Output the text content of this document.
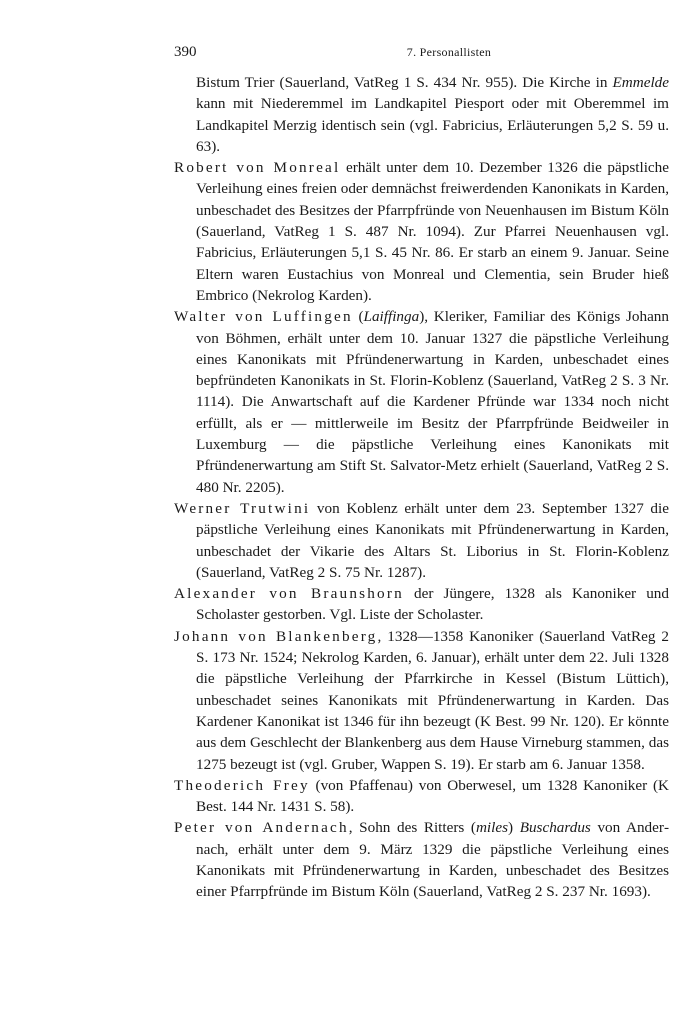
390	7. Personallisten

Bistum Trier (Sauerland, VatReg 1 S. 434 Nr. 955). Die Kirche in Emmelde kann mit Niederemmel im Landkapitel Piesport oder mit Oberemmel im Landkapitel Merzig identisch sein (vgl. Fabricius, Erläuterungen 5,2 S. 59 u. 63).

Robert von Monreal erhält unter dem 10. Dezember 1326 die päpstliche Verleihung eines freien oder demnächst freiwerdenden Kanonikats in Karden, unbeschadet des Besitzes der Pfarrpfründe von Neuenhausen im Bistum Köln (Sauerland, VatReg 1 S. 487 Nr. 1094). Zur Pfarrei Neuenhausen vgl. Fabricius, Erläuterungen 5,1 S. 45 Nr. 86. Er starb an einem 9. Januar. Seine Eltern waren Eustachius von Monreal und Clementia, sein Bruder hieß Embrico (Nekrolog Karden).

Walter von Luffingen (Laiffinga), Kleriker, Familiar des Königs Johann von Böhmen, erhält unter dem 10. Januar 1327 die päpstliche Verleihung eines Kanonikats mit Pfründenerwartung in Karden, unbeschadet eines bepfründeten Kanonikats in St. Florin-Koblenz (Sauerland, VatReg 2 S. 3 Nr. 1114). Die Anwartschaft auf die Kardener Pfründe war 1334 noch nicht erfüllt, als er — mittlerweile im Besitz der Pfarrpfründe Beidweiler in Luxemburg — die päpstliche Verleihung eines Kanonikats mit Pfründenerwartung am Stift St. Salvator-Metz erhielt (Sauerland, VatReg 2 S. 480 Nr. 2205).

Werner Trutwini von Koblenz erhält unter dem 23. September 1327 die päpstliche Verleihung eines Kanonikats mit Pfründenerwartung in Karden, unbeschadet der Vikarie des Altars St. Liborius in St. Florin-Koblenz (Sauerland, VatReg 2 S. 75 Nr. 1287).

Alexander von Braunshorn der Jüngere, 1328 als Kanoniker und Scholaster gestorben. Vgl. Liste der Scholaster.

Johann von Blankenberg, 1328—1358 Kanoniker (Sauerland VatReg 2 S. 173 Nr. 1524; Nekrolog Karden, 6. Januar), erhält unter dem 22. Juli 1328 die päpstliche Verleihung der Pfarrkirche in Kessel (Bistum Lüttich), unbeschadet seines Kanonikats mit Pfründenerwartung in Karden. Das Kardener Kanonikat ist 1346 für ihn bezeugt (K Best. 99 Nr. 120). Er könnte aus dem Geschlecht der Blankenberg aus dem Hause Virneburg stammen, das 1275 bezeugt ist (vgl. Gruber, Wappen S. 19). Er starb am 6. Januar 1358.

Theoderich Frey (von Pfaffenau) von Oberwesel, um 1328 Kanoniker (K Best. 144 Nr. 1431 S. 58).

Peter von Andernach, Sohn des Ritters (miles) Buschardus von Andernach, erhält unter dem 9. März 1329 die päpstliche Verleihung eines Kanonikats mit Pfründenerwartung in Karden, unbeschadet des Besitzes einer Pfarrpfründe im Bistum Köln (Sauerland, VatReg 2 S. 237 Nr. 1693).
